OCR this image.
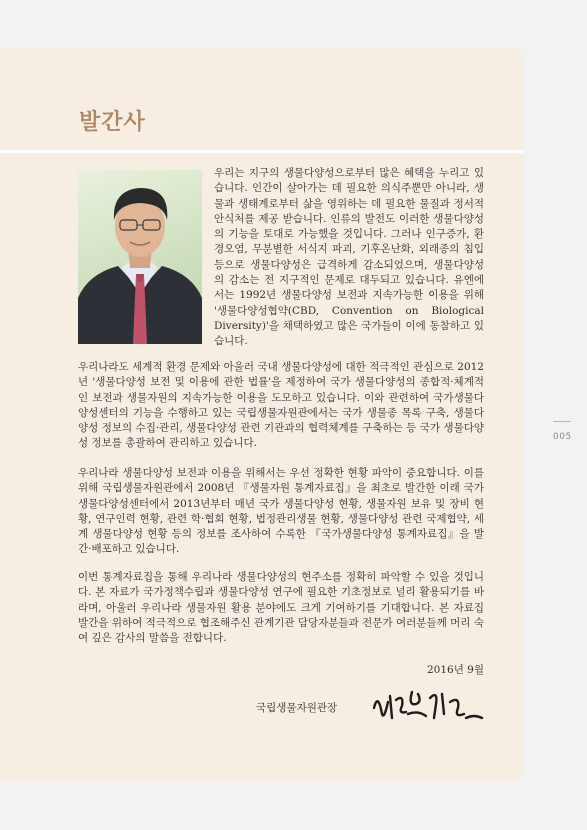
발간사

우리는 지구의 생물다양성으로부터 많은 혜택을 누리고 있습니다. 인간이 살아가는 데 필요한 의식주뿐만 아니라, 생물과 생태계로부터 삶을 영위하는 데 필요한 물질과 정서적 안식처를 제공 받습니다. 인류의 발전도 이러한 생물다양성의 기능을 토대로 가능했을 것입니다. 그러나 인구증가, 환경오염, 무분별한 서식지 파괴, 기후온난화, 외래종의 침입 등으로 생물다양성은 급격하게 감소되었으며, 생물다양성의 감소는 전 지구적인 문제로 대두되고 있습니다. 유엔에서는 1992년 생물다양성 보전과 지속가능한 이용을 위해 '생물다양성협약(CBD, Convention on Biological Diversity)'을 채택하였고 많은 국가들이 이에 동참하고 있습니다.

우리나라도 세계적 환경 문제와 아울러 국내 생물다양성에 대한 적극적인 관심으로 2012년 '생물다양성 보전 및 이용에 관한 법률'을 제정하여 국가 생물다양성의 종합적·체계적인 보전과 생물자원의 지속가능한 이용을 도모하고 있습니다. 이와 관련하여 국가생물다양성센터의 기능을 수행하고 있는 국립생물자원관에서는 국가 생물종 목록 구축, 생물다양성 정보의 수집·관리, 생물다양성 관련 기관과의 협력체계를 구축하는 등 국가 생물다양성 정보를 총괄하여 관리하고 있습니다.

우리나라 생물다양성 보전과 이용을 위해서는 우선 정확한 현황 파악이 중요합니다. 이를 위해 국립생물자원관에서 2008년 『생물자원 통계자료집』을 최초로 발간한 이래 국가생물다양성센터에서 2013년부터 매년 국가 생물다양성 현황, 생물자원 보유 및 장비 현황, 연구인력 현황, 관련 학·협회 현황, 법정관리생물 현황, 생물다양성 관련 국제협약, 세계 생물다양성 현황 등의 정보를 조사하여 수록한 『국가생물다양성 통계자료집』을 발간·배포하고 있습니다.

이번 통계자료집을 통해 우리나라 생물다양성의 현주소를 정확히 파악할 수 있을 것입니다. 본 자료가 국가정책수립과 생물다양성 연구에 필요한 기초정보로 널리 활용되기를 바라며, 아울러 우리나라 생물자원 활용 분야에도 크게 기여하기를 기대합니다. 본 자료집 발간을 위하여 적극적으로 협조해주신 관계기관 담당자분들과 전문가 여러분들께 머리 숙여 깊은 감사의 말씀을 전합니다.

2016년 9월

국립생물자원관장

005
